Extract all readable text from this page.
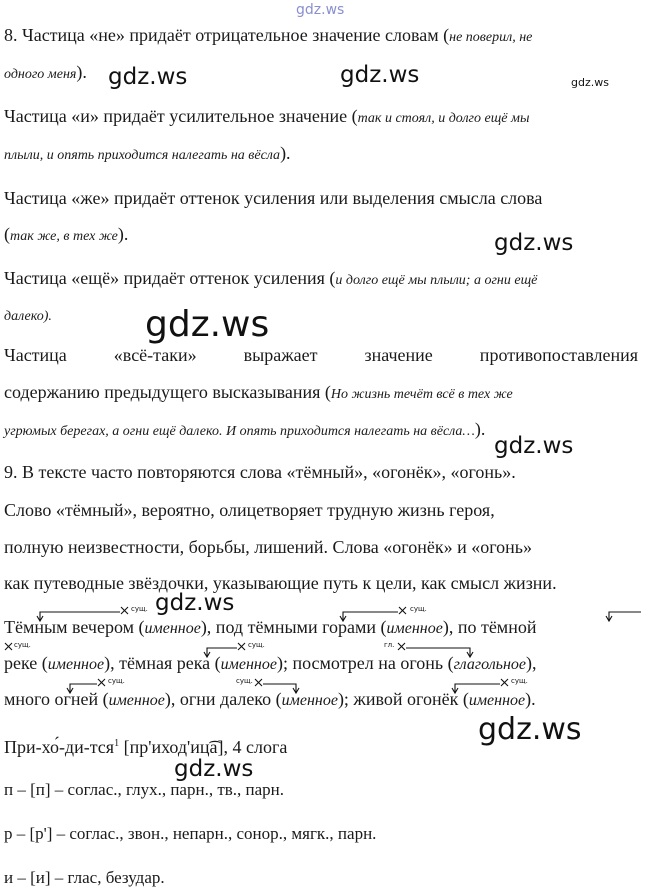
gdz.ws
gdz.ws	gdz.ws	gdz.ws
gdz.ws
gdz.ws
gdz.ws
gdz.ws
gdz.ws
gdz.ws
8. Частица «не» придаёт отрицательное значение словам (не поверил, не
одного меня).
Частица «и» придаёт усилительное значение (так и стоял, и долго ещё мы
плыли, и опять приходится налегать на вёсла).
Частица «же» придаёт оттенок усиления или выделения смысла слова
(так же, в тех же).
Частица «ещё» придаёт оттенок усиления (и долго ещё мы плыли; а огни ещё
далеко).
Частица «всё-таки» выражает значение противопоставления
содержанию предыдущего высказывания (Но жизнь течёт всё в тех же
угрюмых берегах, а огни ещё далеко. И опять приходится налегать на вёсла…).
9. В тексте часто повторяются слова «тёмный», «огонёк», «огонь».
Слово «тёмный», вероятно, олицетворяет трудную жизнь героя,
полную неизвестности, борьбы, лишений. Слова «огонёк» и «огонь»
как путеводные звёздочки, указывающие путь к цели, как смысл жизни.
Тёмным вечером (именное), под тёмными горами (именное), по тёмной
реке (именное), тёмная река (именное); посмотрел на огонь (глагольное),
много огней (именное), огни далеко (именное); живой огонёк (именное).
сущ.	сущ.
сущ.	сущ.	гл.
сущ.	сущ.	сущ.
При-хо́-ди-тся$^1$ [пр'иход'иц͡а], 4 слога
п – [п] – соглас., глух., парн., тв., парн.
р – [р'] – соглас., звон., непарн., сонор., мягк., парн.
и – [и] – глас, безудар.
